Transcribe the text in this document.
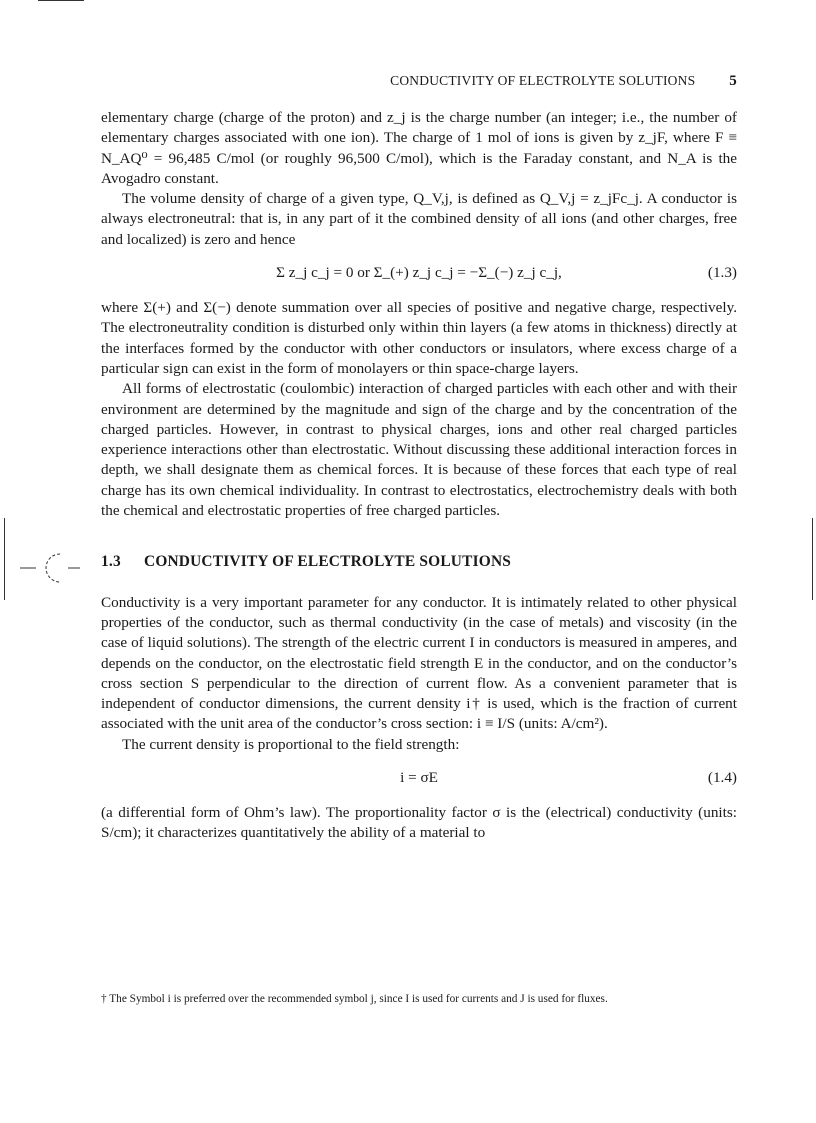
CONDUCTIVITY OF ELECTROLYTE SOLUTIONS 5

elementary charge (charge of the proton) and z_j is the charge number (an integer; i.e., the number of elementary charges associated with one ion). The charge of 1 mol of ions is given by z_jF, where F ≡ N_AQ⁰ = 96,485 C/mol (or roughly 96,500 C/mol), which is the Faraday constant, and N_A is the Avogadro constant.

The volume density of charge of a given type, Q_V,j, is defined as Q_V,j = z_jFc_j. A conductor is always electroneutral: that is, in any part of it the combined density of all ions (and other charges, free and localized) is zero and hence

Σ z_j c_j = 0 or Σ_(+) z_j c_j = −Σ_(−) z_j c_j,	(1.3)

where Σ(+) and Σ(−) denote summation over all species of positive and negative charge, respectively. The electroneutrality condition is disturbed only within thin layers (a few atoms in thickness) directly at the interfaces formed by the conductor with other conductors or insulators, where excess charge of a particular sign can exist in the form of monolayers or thin space-charge layers.

All forms of electrostatic (coulombic) interaction of charged particles with each other and with their environment are determined by the magnitude and sign of the charge and by the concentration of the charged particles. However, in contrast to physical charges, ions and other real charged particles experience interactions other than electrostatic. Without discussing these additional interaction forces in depth, we shall designate them as chemical forces. It is because of these forces that each type of real charge has its own chemical individuality. In contrast to electrostatics, electrochemistry deals with both the chemical and electrostatic properties of free charged particles.

1.3 CONDUCTIVITY OF ELECTROLYTE SOLUTIONS

Conductivity is a very important parameter for any conductor. It is intimately related to other physical properties of the conductor, such as thermal conductivity (in the case of metals) and viscosity (in the case of liquid solutions). The strength of the electric current I in conductors is measured in amperes, and depends on the conductor, on the electrostatic field strength E in the conductor, and on the conductor’s cross section S perpendicular to the direction of current flow. As a convenient parameter that is independent of conductor dimensions, the current density i† is used, which is the fraction of current associated with the unit area of the conductor’s cross section: i ≡ I/S (units: A/cm²).

The current density is proportional to the field strength:

i = σE	(1.4)

(a differential form of Ohm’s law). The proportionality factor σ is the (electrical) conductivity (units: S/cm); it characterizes quantitatively the ability of a material to

† The Symbol i is preferred over the recommended symbol j, since I is used for currents and J is used for fluxes.
